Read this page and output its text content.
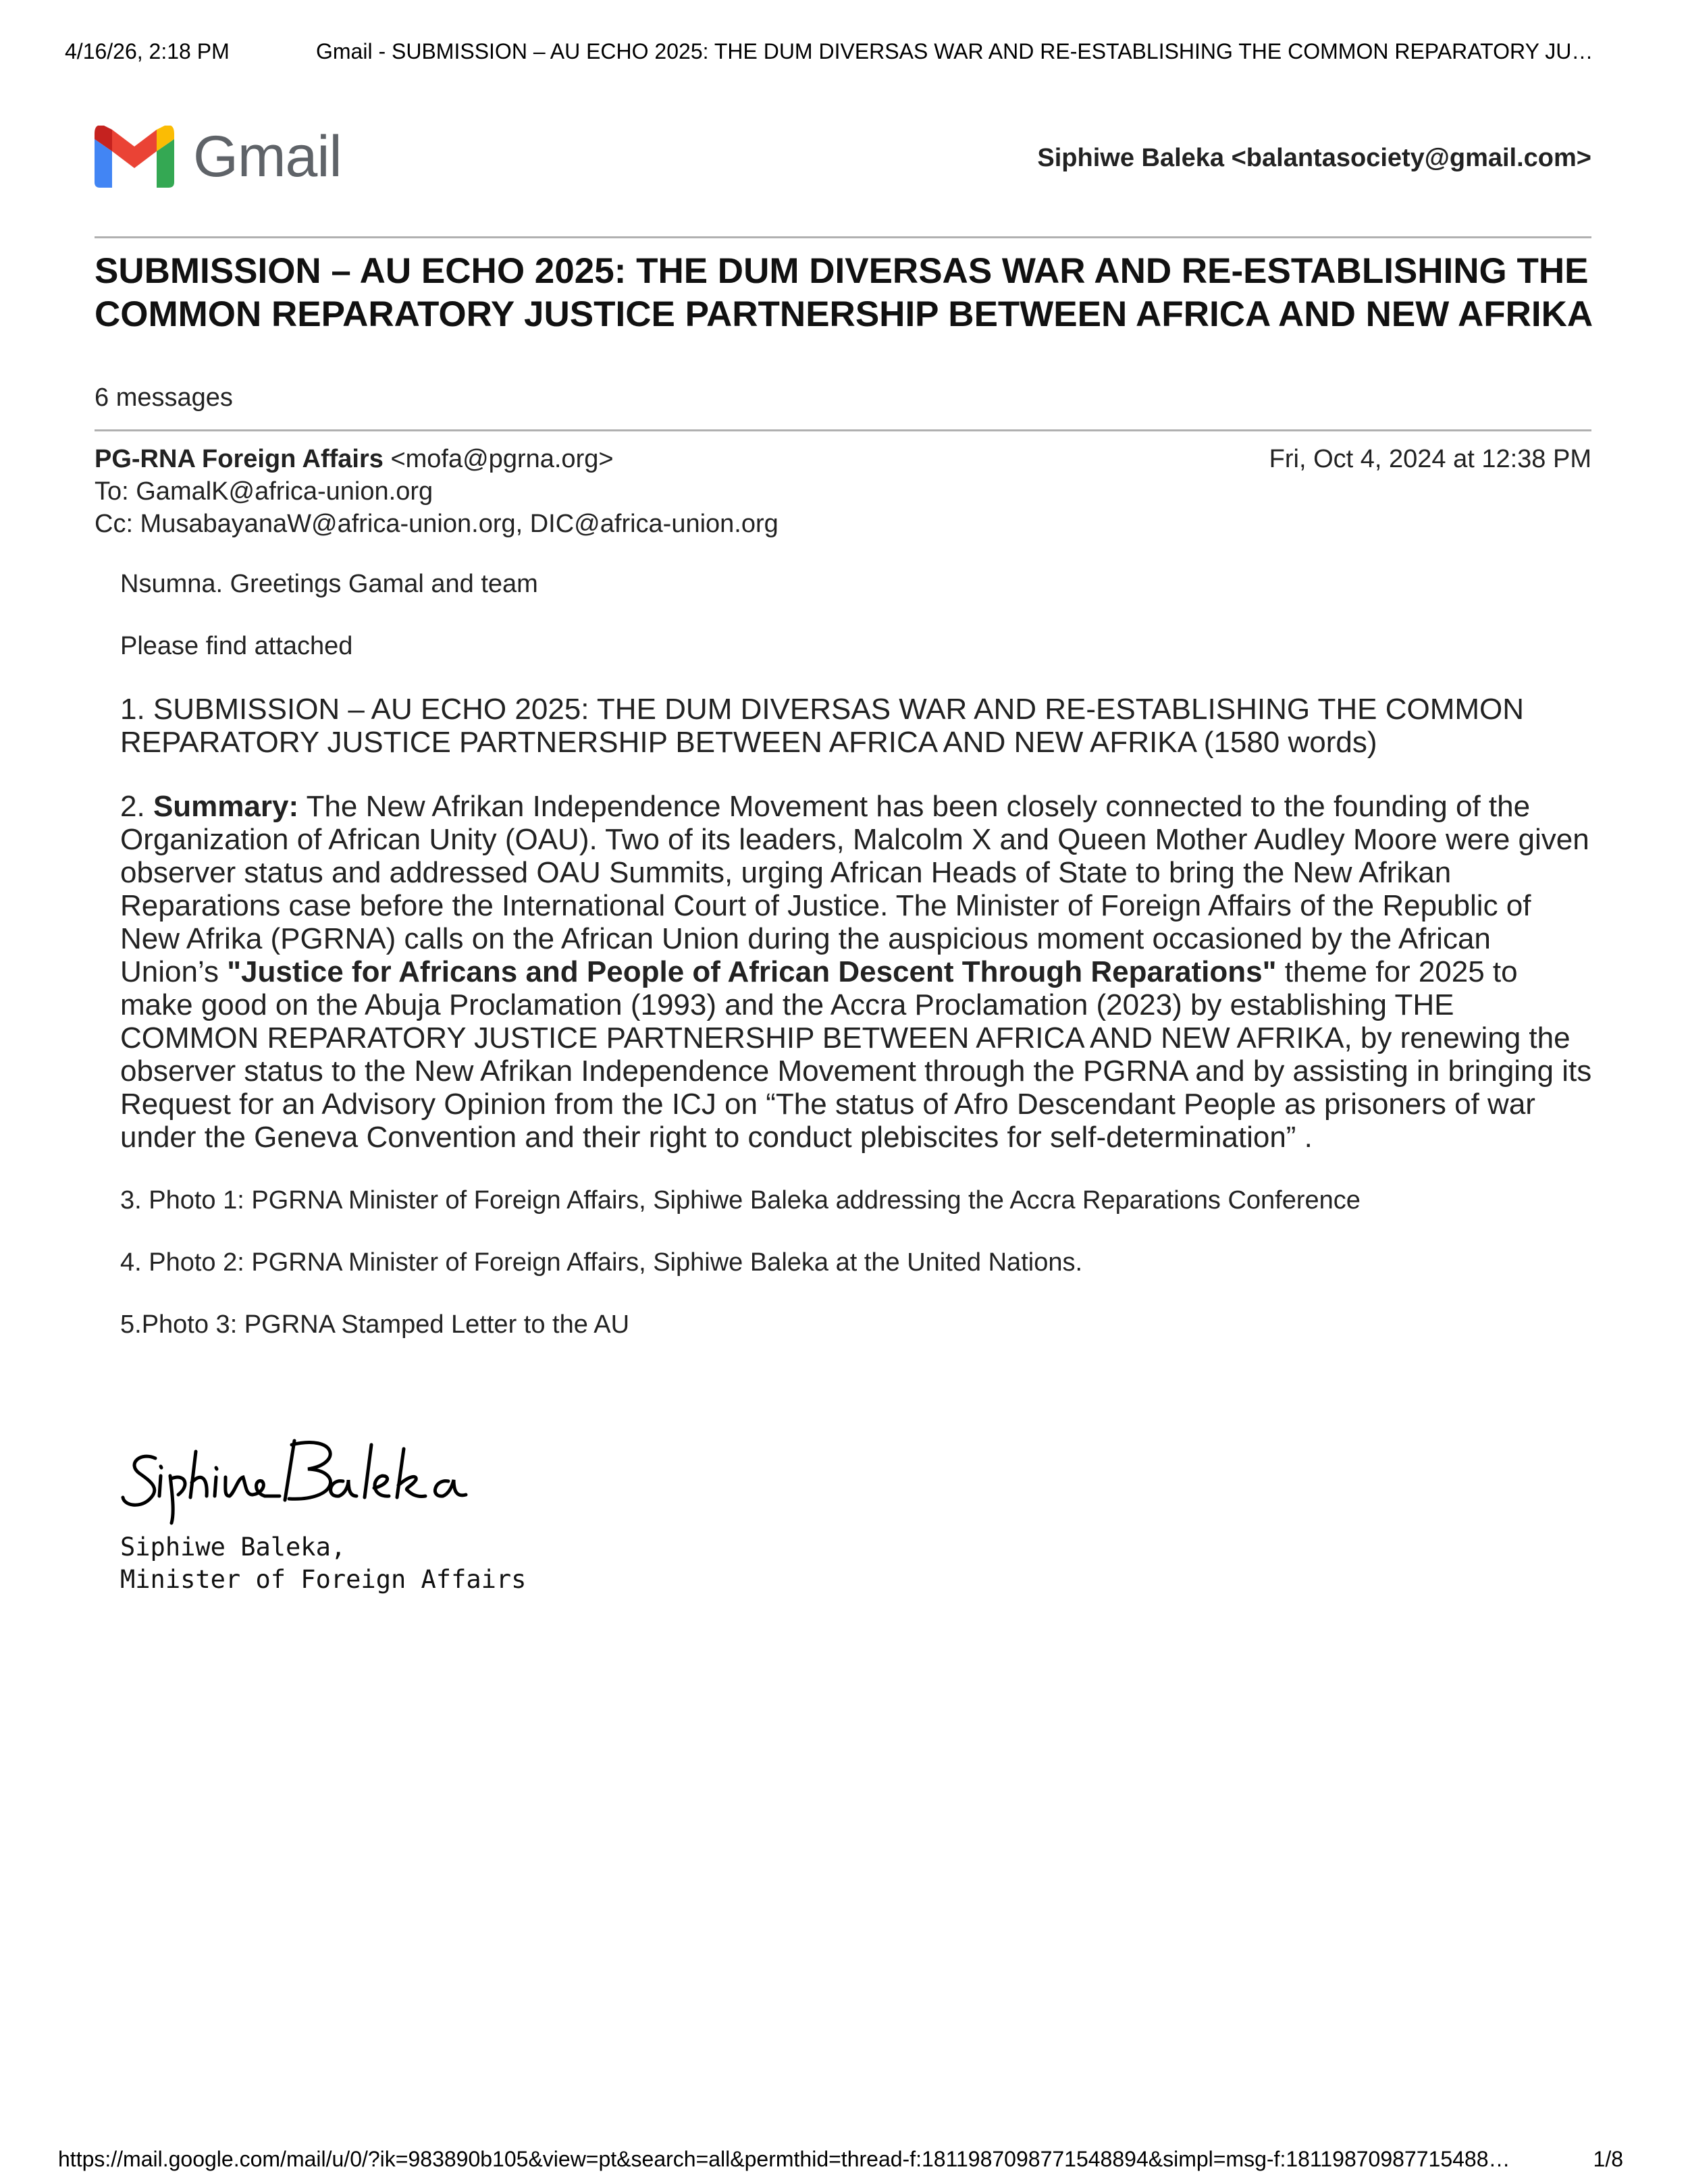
4/16/26, 2:18 PM	Gmail - SUBMISSION – AU ECHO 2025: THE DUM DIVERSAS WAR AND RE-ESTABLISHING THE COMMON REPARATORY JU…
Gmail	Siphiwe Baleka <balantasociety@gmail.com>
SUBMISSION – AU ECHO 2025: THE DUM DIVERSAS WAR AND RE-ESTABLISHING THE COMMON REPARATORY JUSTICE PARTNERSHIP BETWEEN AFRICA AND NEW AFRIKA
6 messages
PG-RNA Foreign Affairs <mofa@pgrna.org>	Fri, Oct 4, 2024 at 12:38 PM
To: GamalK@africa-union.org
Cc: MusabayanaW@africa-union.org, DIC@africa-union.org

Nsumna. Greetings Gamal and team

Please find attached

1. SUBMISSION – AU ECHO 2025: THE DUM DIVERSAS WAR AND RE-ESTABLISHING THE COMMON REPARATORY JUSTICE PARTNERSHIP BETWEEN AFRICA AND NEW AFRIKA (1580 words)

2. Summary: The New Afrikan Independence Movement has been closely connected to the founding of the Organization of African Unity (OAU). Two of its leaders, Malcolm X and Queen Mother Audley Moore were given observer status and addressed OAU Summits, urging African Heads of State to bring the New Afrikan Reparations case before the International Court of Justice. The Minister of Foreign Affairs of the Republic of New Afrika (PGRNA) calls on the African Union during the auspicious moment occasioned by the African Union’s "Justice for Africans and People of African Descent Through Reparations" theme for 2025 to make good on the Abuja Proclamation (1993) and the Accra Proclamation (2023) by establishing THE COMMON REPARATORY JUSTICE PARTNERSHIP BETWEEN AFRICA AND NEW AFRIKA, by renewing the observer status to the New Afrikan Independence Movement through the PGRNA and by assisting in bringing its Request for an Advisory Opinion from the ICJ on “The status of Afro Descendant People as prisoners of war under the Geneva Convention and their right to conduct plebiscites for self-determination” .

3. Photo 1: PGRNA Minister of Foreign Affairs, Siphiwe Baleka addressing the Accra Reparations Conference

4. Photo 2: PGRNA Minister of Foreign Affairs, Siphiwe Baleka at the United Nations.

5.Photo 3: PGRNA Stamped Letter to the AU

Siphiwe Baleka,
Minister of Foreign Affairs
https://mail.google.com/mail/u/0/?ik=983890b105&view=pt&search=all&permthid=thread-f:1811987098771548894&simpl=msg-f:18119870987715488…	1/8
